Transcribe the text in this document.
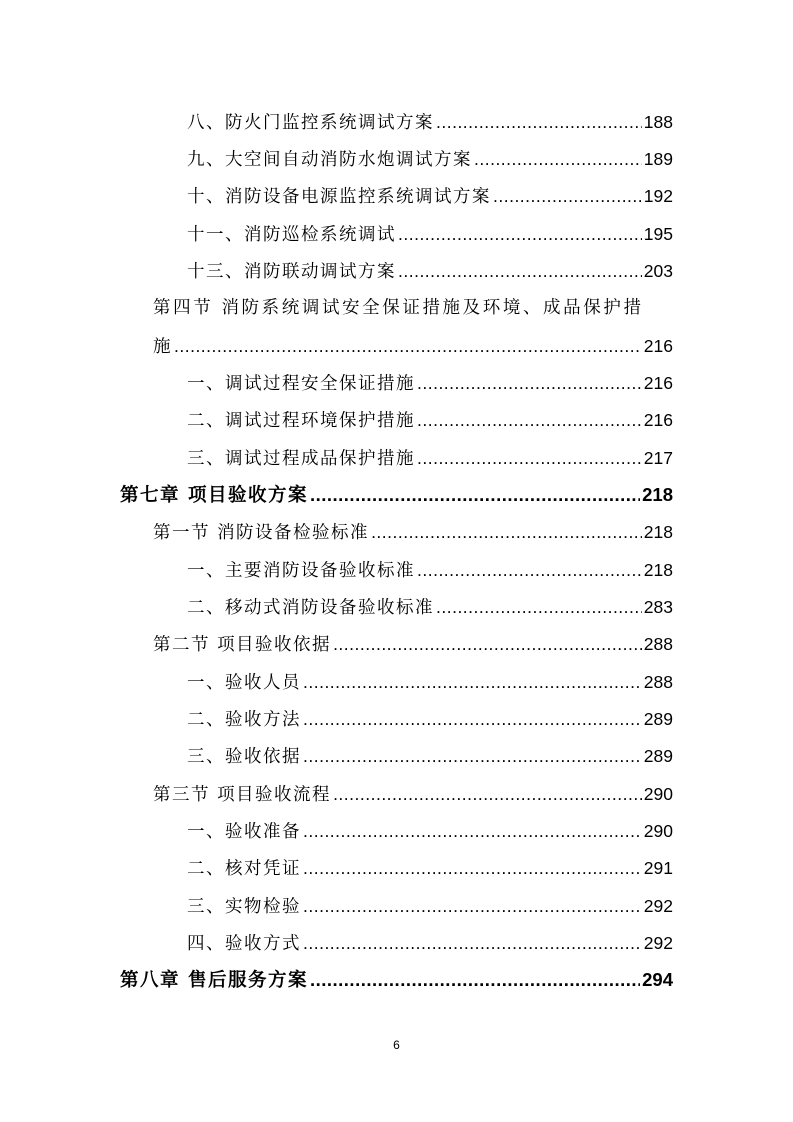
八、防火门监控系统调试方案 .....	188
九、大空间自动消防水炮调试方案 .....	189
十、消防设备电源监控系统调试方案 .....	192
十一、消防巡检系统调试 .....	195
十三、消防联动调试方案 .....	203
第四节 消防系统调试安全保证措施及环境、成品保护措
施 .....	216
一、调试过程安全保证措施 .....	216
二、调试过程环境保护措施 .....	216
三、调试过程成品保护措施 .....	217
第七章 项目验收方案 .....	218
第一节 消防设备检验标准 .....	218
一、主要消防设备验收标准 .....	218
二、移动式消防设备验收标准 .....	283
第二节 项目验收依据 .....	288
一、验收人员 .....	288
二、验收方法 .....	289
三、验收依据 .....	289
第三节 项目验收流程 .....	290
一、验收准备 .....	290
二、核对凭证 .....	291
三、实物检验 .....	292
四、验收方式 .....	292
第八章 售后服务方案 .....	294
6
